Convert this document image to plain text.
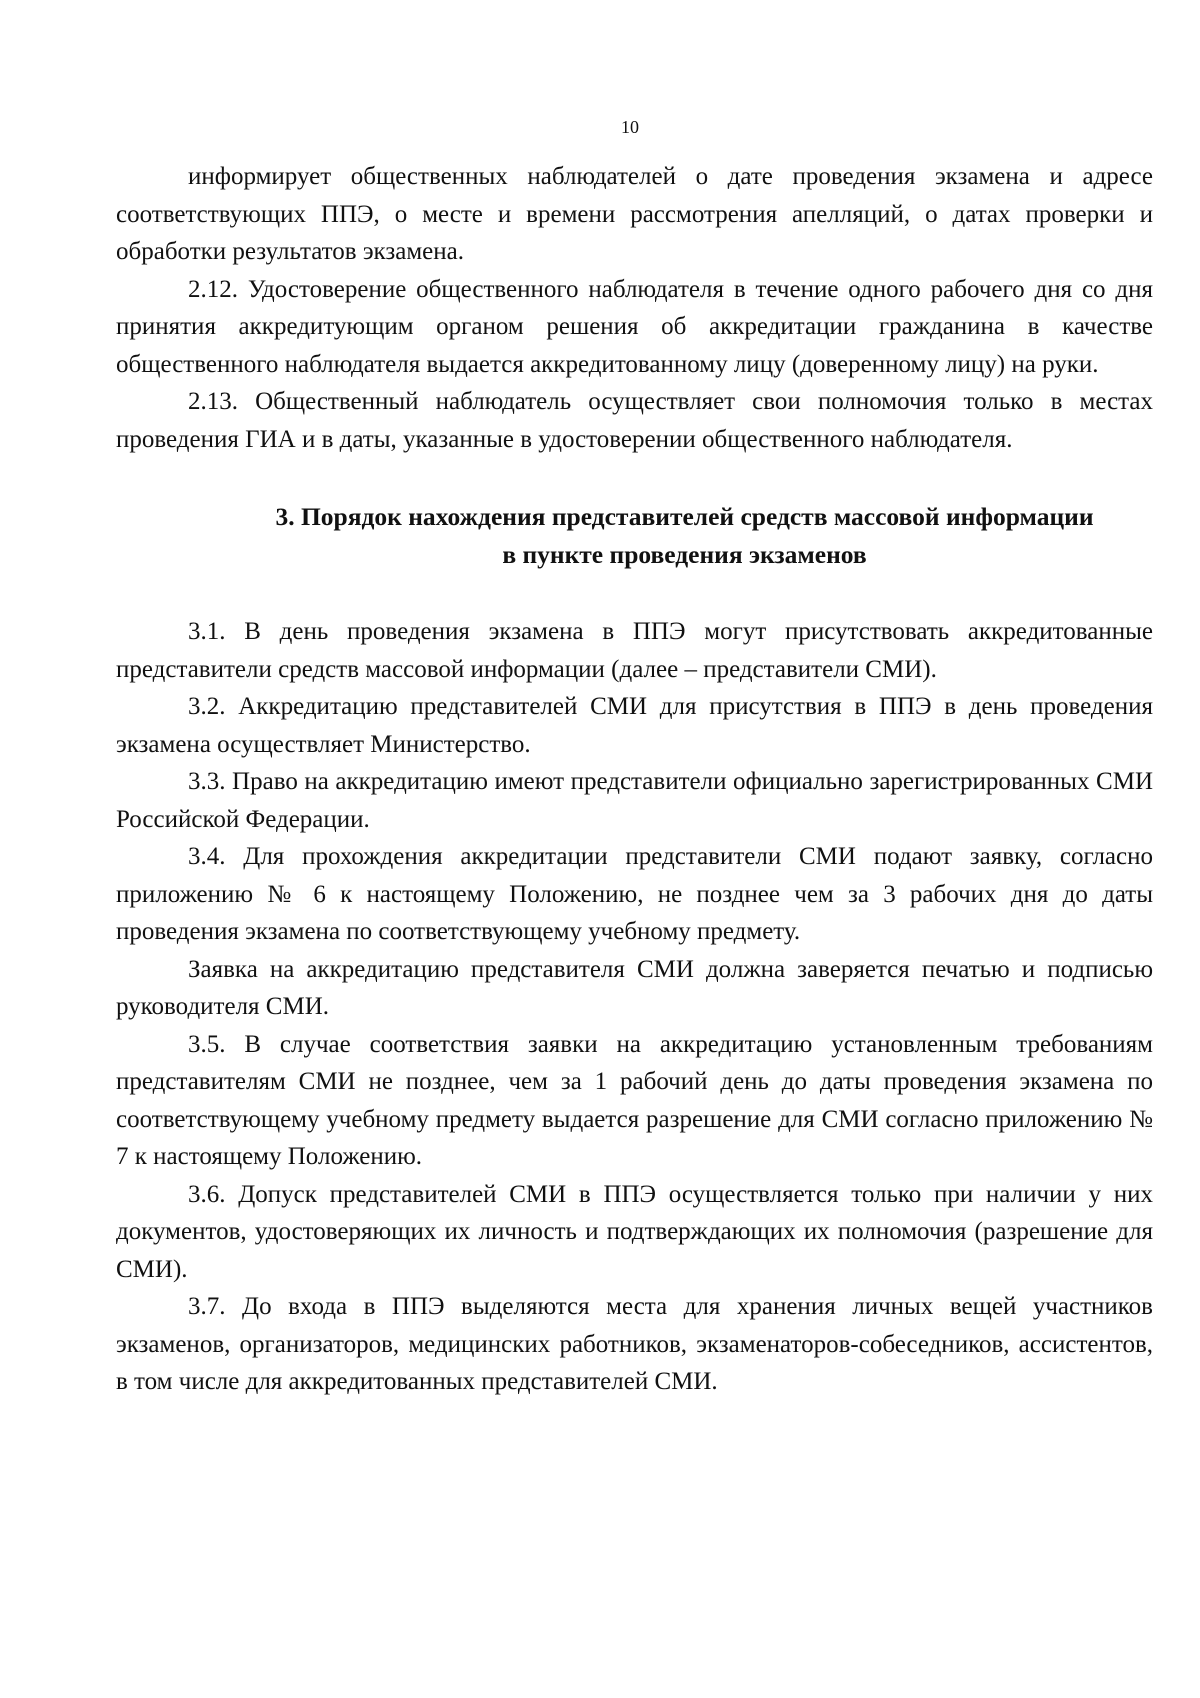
10

информирует общественных наблюдателей о дате проведения экзамена и адресе соответствующих ППЭ, о месте и времени рассмотрения апелляций, о датах проверки и обработки результатов экзамена.

2.12. Удостоверение общественного наблюдателя в течение одного рабочего дня со дня принятия аккредитующим органом решения об аккредитации гражданина в качестве общественного наблюдателя выдается аккредитованному лицу (доверенному лицу) на руки.

2.13. Общественный наблюдатель осуществляет свои полномочия только в местах проведения ГИА и в даты, указанные в удостоверении общественного наблюдателя.

3. Порядок нахождения представителей средств массовой информации
в пункте проведения экзаменов

3.1. В день проведения экзамена в ППЭ могут присутствовать аккредитованные представители средств массовой информации (далее – представители СМИ).

3.2. Аккредитацию представителей СМИ для присутствия в ППЭ в день проведения экзамена осуществляет Министерство.

3.3. Право на аккредитацию имеют представители официально зарегистрированных СМИ Российской Федерации.

3.4. Для прохождения аккредитации представители СМИ подают заявку, согласно приложению № 6 к настоящему Положению, не позднее чем за 3 рабочих дня до даты проведения экзамена по соответствующему учебному предмету.

Заявка на аккредитацию представителя СМИ должна заверяется печатью и подписью руководителя СМИ.

3.5. В случае соответствия заявки на аккредитацию установленным требованиям представителям СМИ не позднее, чем за 1 рабочий день до даты проведения экзамена по соответствующему учебному предмету выдается разрешение для СМИ согласно приложению № 7 к настоящему Положению.

3.6. Допуск представителей СМИ в ППЭ осуществляется только при наличии у них документов, удостоверяющих их личность и подтверждающих их полномочия (разрешение для СМИ).

3.7. До входа в ППЭ выделяются места для хранения личных вещей участников экзаменов, организаторов, медицинских работников, экзаменаторов-собеседников, ассистентов, в том числе для аккредитованных представителей СМИ.
